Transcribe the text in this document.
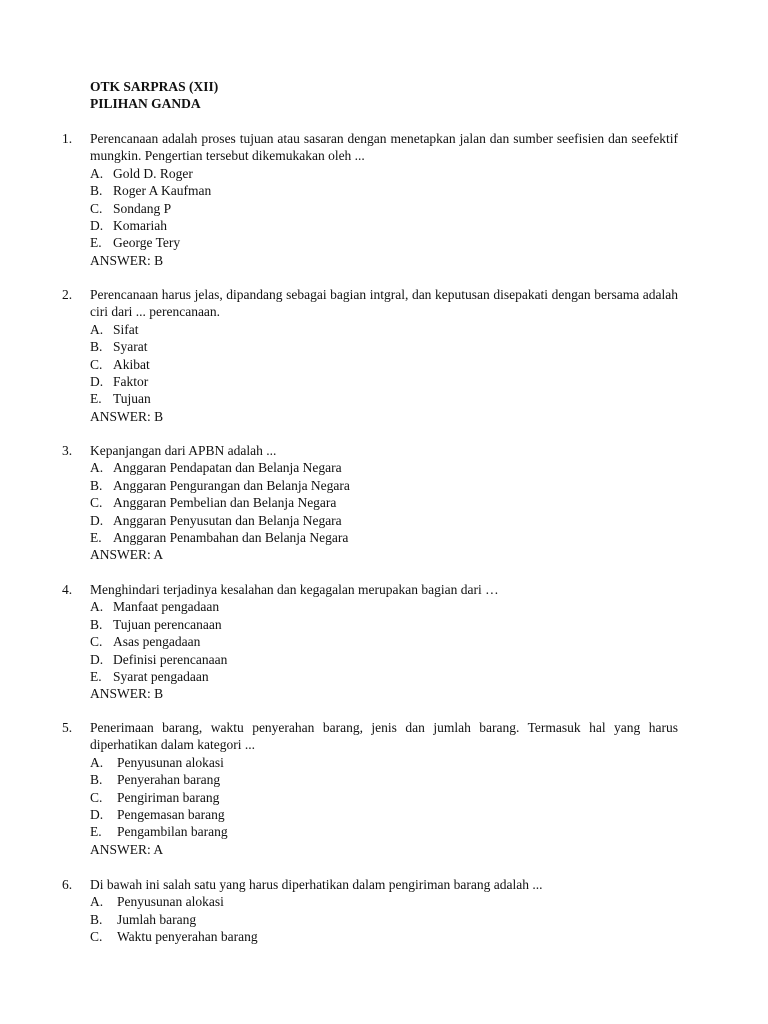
OTK SARPRAS (XII)
PILIHAN GANDA
1.	Perencanaan adalah proses tujuan atau sasaran dengan menetapkan jalan dan sumber seefisien dan seefektif mungkin. Pengertian tersebut dikemukakan oleh ...
A. Gold D. Roger
B. Roger A Kaufman
C. Sondang P
D. Komariah
E. George Tery
ANSWER: B
2.	Perencanaan harus jelas, dipandang sebagai bagian intgral, dan keputusan disepakati dengan bersama adalah ciri dari ... perencanaan.
A. Sifat
B. Syarat
C. Akibat
D. Faktor
E. Tujuan
ANSWER: B
3.	Kepanjangan dari APBN adalah ...
A. Anggaran Pendapatan dan Belanja Negara
B. Anggaran Pengurangan dan Belanja Negara
C. Anggaran Pembelian dan Belanja Negara
D. Anggaran Penyusutan dan Belanja Negara
E. Anggaran Penambahan dan Belanja Negara
ANSWER: A
4.	Menghindari terjadinya kesalahan dan kegagalan merupakan bagian dari …
A. Manfaat pengadaan
B. Tujuan perencanaan
C. Asas pengadaan
D. Definisi perencanaan
E. Syarat pengadaan
ANSWER: B
5.	Penerimaan barang, waktu penyerahan barang, jenis dan jumlah barang. Termasuk hal yang harus diperhatikan dalam kategori ...
A.	Penyusunan alokasi
B.	Penyerahan barang
C.	Pengiriman barang
D.	Pengemasan barang
E.	Pengambilan barang
ANSWER: A
6.	Di bawah ini salah satu yang harus diperhatikan dalam pengiriman barang adalah ...
A.	Penyusunan alokasi
B.	Jumlah barang
C.	Waktu penyerahan barang
